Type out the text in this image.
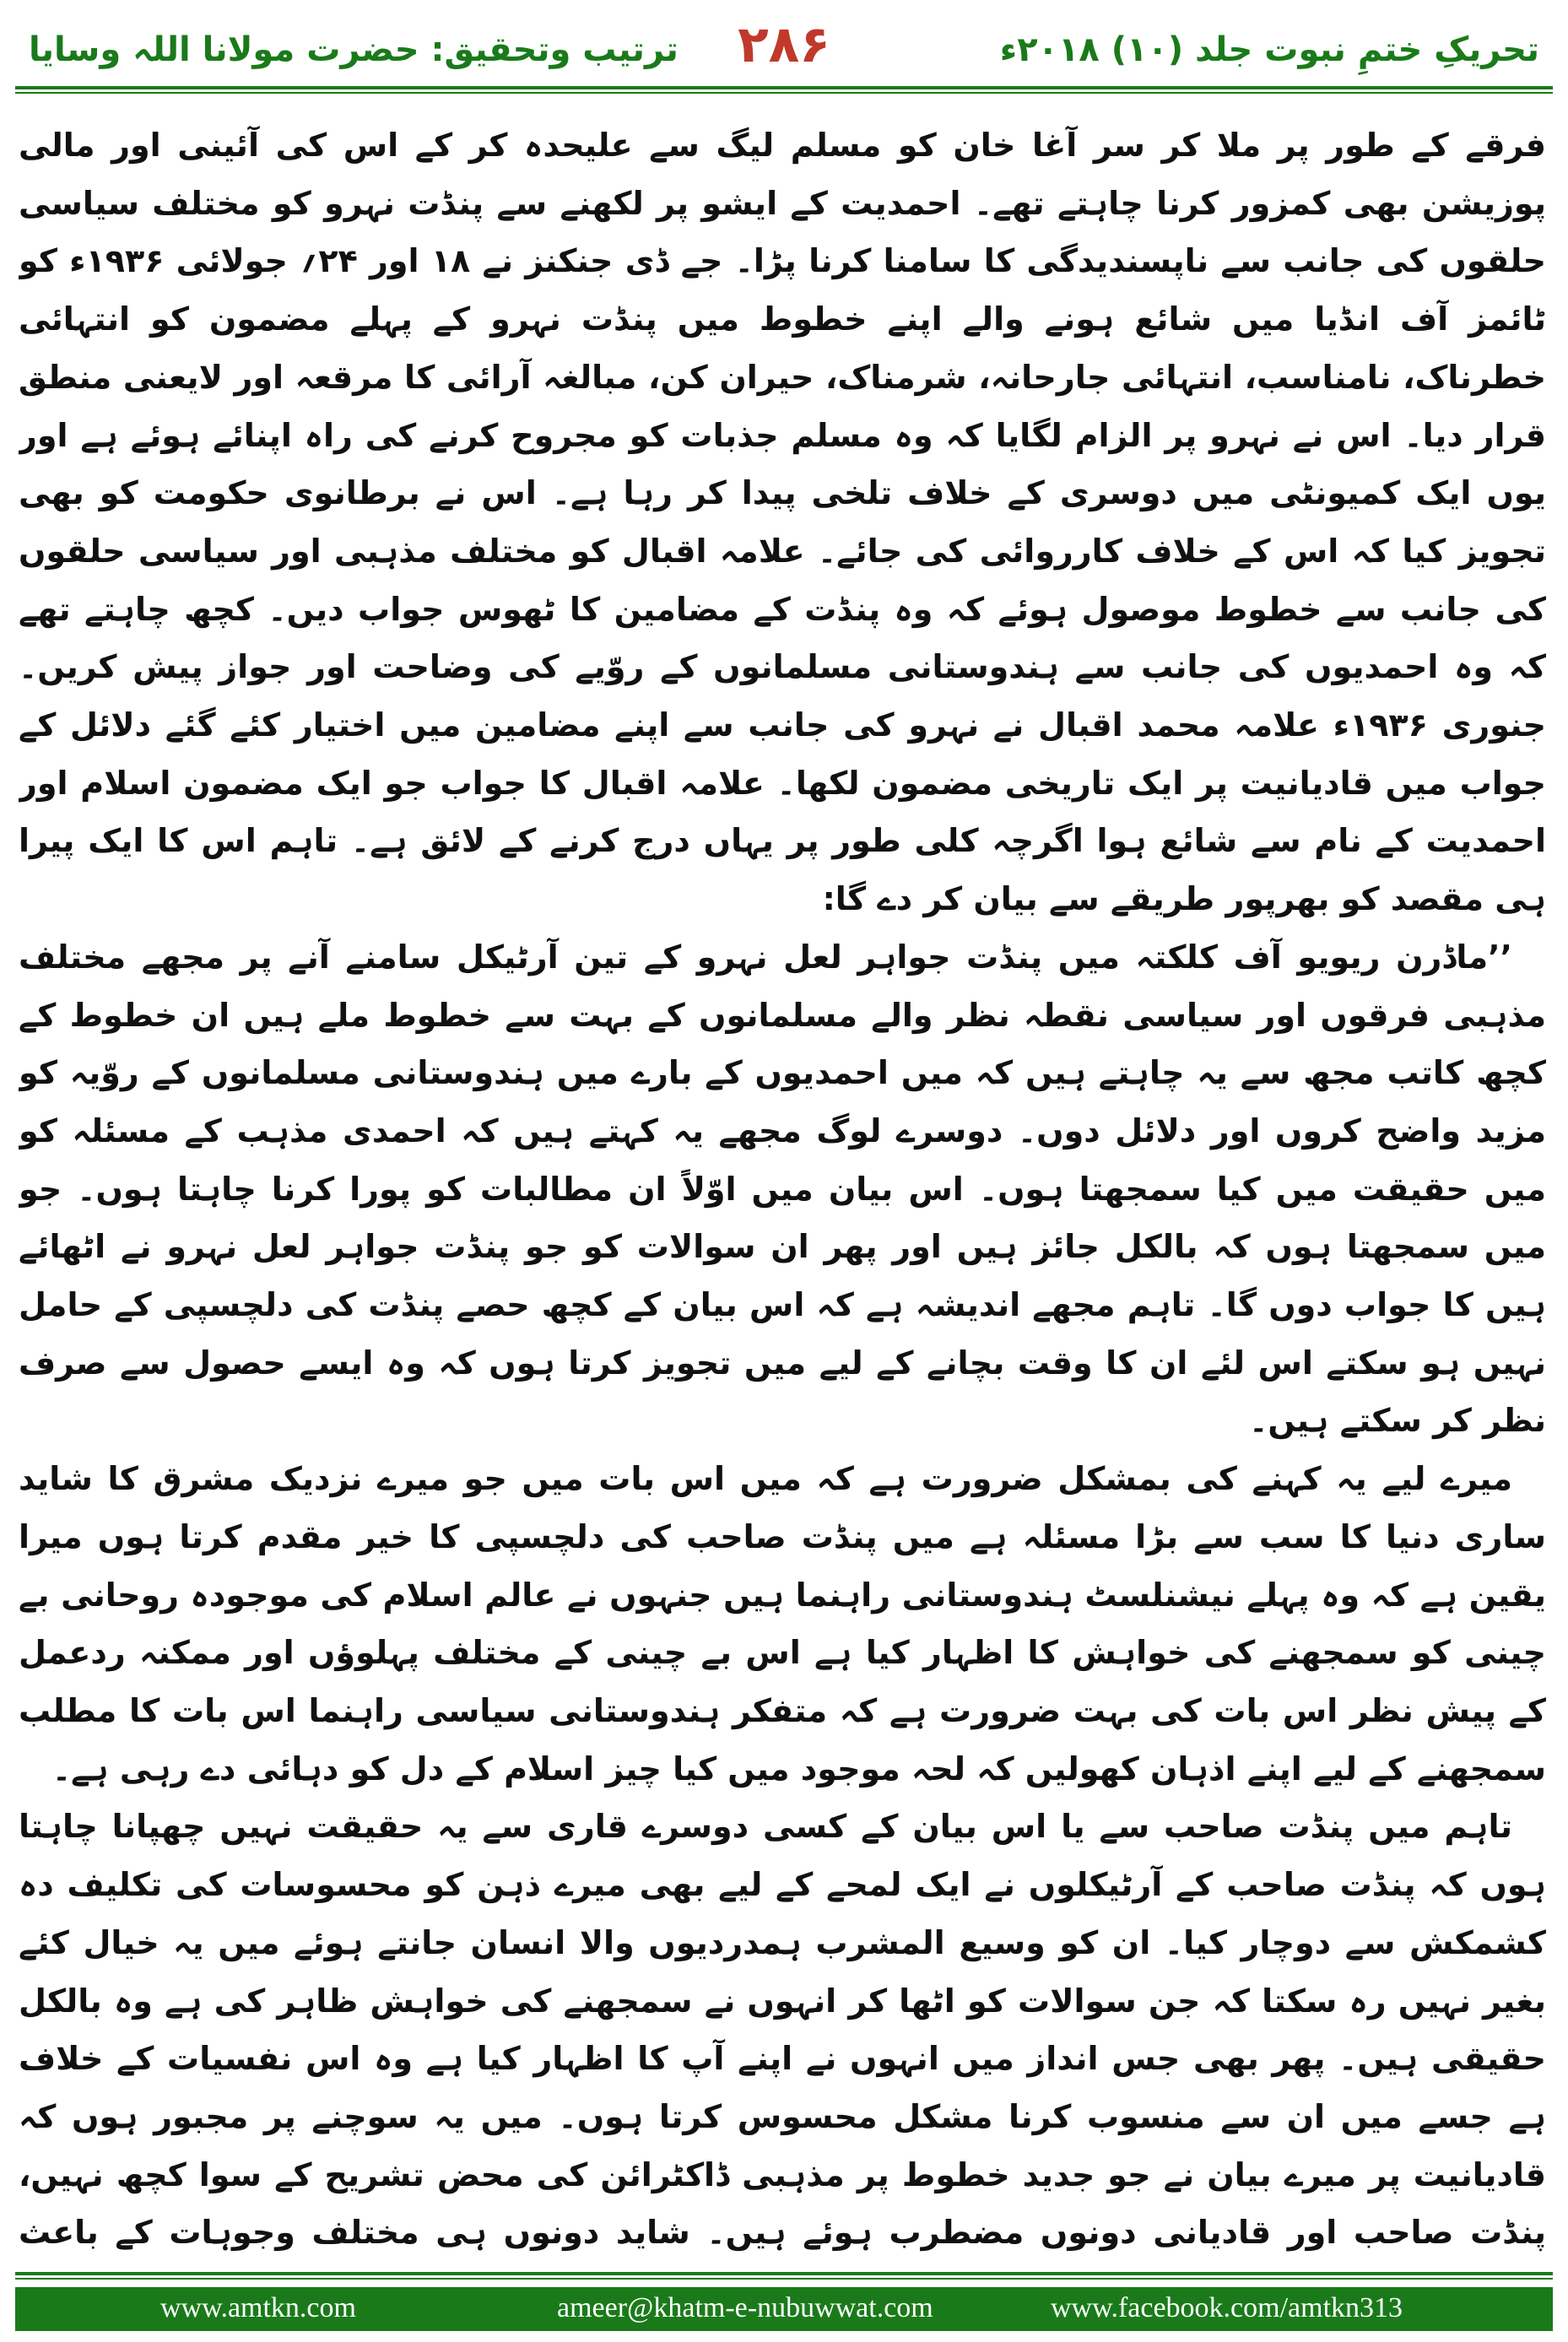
ترتیب وتحقیق: حضرت مولانا اللہ وسایا	۲۸۶	تحریکِ ختمِ نبوت جلد (۱۰) ۲۰۱۸ء

فرقے کے طور پر ملا کر سر آغا خان کو مسلم لیگ سے علیحدہ کر کے اس کی آئینی اور مالی پوزیشن بھی کمزور کرنا چاہتے تھے۔ احمدیت کے ایشو پر لکھنے سے پنڈت نہرو کو مختلف سیاسی حلقوں کی جانب سے ناپسندیدگی کا سامنا کرنا پڑا۔ جے ڈی جنکنز نے ۱۸ اور ۲۴؍ جولائی ۱۹۳۶ء کو ٹائمز آف انڈیا میں شائع ہونے والے اپنے خطوط میں پنڈت نہرو کے پہلے مضمون کو انتہائی خطرناک، نامناسب، انتہائی جارحانہ، شرمناک، حیران کن، مبالغہ آرائی کا مرقعہ اور لایعنی منطق قرار دیا۔ اس نے نہرو پر الزام لگایا کہ وہ مسلم جذبات کو مجروح کرنے کی راہ اپنائے ہوئے ہے اور یوں ایک کمیونٹی میں دوسری کے خلاف تلخی پیدا کر رہا ہے۔ اس نے برطانوی حکومت کو بھی تجویز کیا کہ اس کے خلاف کارروائی کی جائے۔ علامہ اقبال کو مختلف مذہبی اور سیاسی حلقوں کی جانب سے خطوط موصول ہوئے کہ وہ پنڈت کے مضامین کا ٹھوس جواب دیں۔ کچھ چاہتے تھے کہ وہ احمدیوں کی جانب سے ہندوستانی مسلمانوں کے روّیے کی وضاحت اور جواز پیش کریں۔ جنوری ۱۹۳۶ء علامہ محمد اقبال نے نہرو کی جانب سے اپنے مضامین میں اختیار کئے گئے دلائل کے جواب میں قادیانیت پر ایک تاریخی مضمون لکھا۔ علامہ اقبال کا جواب جو ایک مضمون اسلام اور احمدیت کے نام سے شائع ہوا اگرچہ کلی طور پر یہاں درج کرنے کے لائق ہے۔ تاہم اس کا ایک پیرا ہی مقصد کو بھرپور طریقے سے بیان کر دے گا:

’’ماڈرن ریویو آف کلکتہ میں پنڈت جواہر لعل نہرو کے تین آرٹیکل سامنے آنے پر مجھے مختلف مذہبی فرقوں اور سیاسی نقطہ نظر والے مسلمانوں کے بہت سے خطوط ملے ہیں ان خطوط کے کچھ کاتب مجھ سے یہ چاہتے ہیں کہ میں احمدیوں کے بارے میں ہندوستانی مسلمانوں کے روّیہ کو مزید واضح کروں اور دلائل دوں۔ دوسرے لوگ مجھے یہ کہتے ہیں کہ احمدی مذہب کے مسئلہ کو میں حقیقت میں کیا سمجھتا ہوں۔ اس بیان میں اوّلاً ان مطالبات کو پورا کرنا چاہتا ہوں۔ جو میں سمجھتا ہوں کہ بالکل جائز ہیں اور پھر ان سوالات کو جو پنڈت جواہر لعل نہرو نے اٹھائے ہیں کا جواب دوں گا۔ تاہم مجھے اندیشہ ہے کہ اس بیان کے کچھ حصے پنڈت کی دلچسپی کے حامل نہیں ہو سکتے اس لئے ان کا وقت بچانے کے لیے میں تجویز کرتا ہوں کہ وہ ایسے حصول سے صرف نظر کر سکتے ہیں۔

میرے لیے یہ کہنے کی بمشکل ضرورت ہے کہ میں اس بات میں جو میرے نزدیک مشرق کا شاید ساری دنیا کا سب سے بڑا مسئلہ ہے میں پنڈت صاحب کی دلچسپی کا خیر مقدم کرتا ہوں میرا یقین ہے کہ وہ پہلے نیشنلسٹ ہندوستانی راہنما ہیں جنہوں نے عالم اسلام کی موجودہ روحانی بے چینی کو سمجھنے کی خواہش کا اظہار کیا ہے اس بے چینی کے مختلف پہلوؤں اور ممکنہ ردعمل کے پیش نظر اس بات کی بہت ضرورت ہے کہ متفکر ہندوستانی سیاسی راہنما اس بات کا مطلب سمجھنے کے لیے اپنے اذہان کھولیں کہ لحہ موجود میں کیا چیز اسلام کے دل کو دہائی دے رہی ہے۔

تاہم میں پنڈت صاحب سے یا اس بیان کے کسی دوسرے قاری سے یہ حقیقت نہیں چھپانا چاہتا ہوں کہ پنڈت صاحب کے آرٹیکلوں نے ایک لمحے کے لیے بھی میرے ذہن کو محسوسات کی تکلیف دہ کشمکش سے دوچار کیا۔ ان کو وسیع المشرب ہمدردیوں والا انسان جانتے ہوئے میں یہ خیال کئے بغیر نہیں رہ سکتا کہ جن سوالات کو اٹھا کر انہوں نے سمجھنے کی خواہش ظاہر کی ہے وہ بالکل حقیقی ہیں۔ پھر بھی جس انداز میں انہوں نے اپنے آپ کا اظہار کیا ہے وہ اس نفسیات کے خلاف ہے جسے میں ان سے منسوب کرنا مشکل محسوس کرتا ہوں۔ میں یہ سوچنے پر مجبور ہوں کہ قادیانیت پر میرے بیان نے جو جدید خطوط پر مذہبی ڈاکٹرائن کی محض تشریح کے سوا کچھ نہیں، پنڈت صاحب اور قادیانی دونوں مضطرب ہوئے ہیں۔ شاید دونوں ہی مختلف وجوہات کے باعث

www.amtkn.com	ameer@khatm-e-nubuwwat.com	www.facebook.com/amtkn313
